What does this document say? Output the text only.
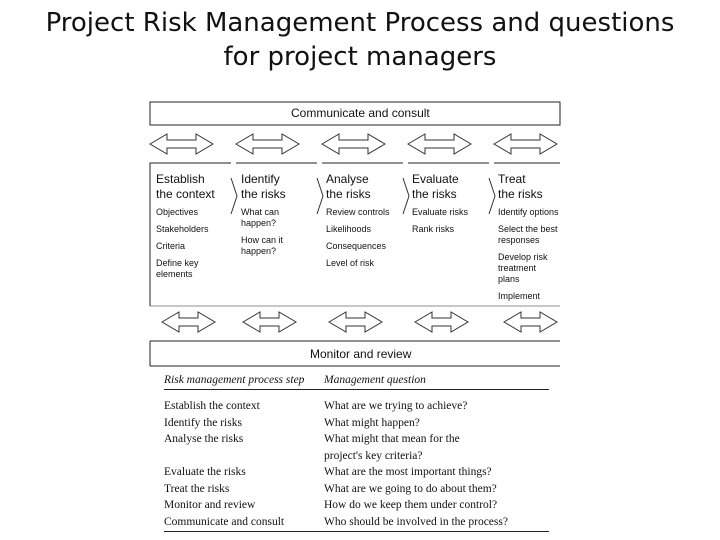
Project Risk Management Process and questions
for project managers
Communicate and consult
Monitor and review
Establish
the context
Objectives
Stakeholders
Criteria
Define key
elements
Identify
the risks
What can
happen?
How can it
happen?
Analyse
the risks
Review controls
Likelihoods
Consequences
Level of risk
Evaluate
the risks
Evaluate risks
Rank risks
Treat
the risks
Identify options
Select the best
responses
Develop risk
treatment plans
Implement
Risk management process step	Management question
Establish the context	What are we trying to achieve?
Identify the risks	What might happen?
Analyse the risks	What might that mean for the
project's key criteria?
Evaluate the risks	What are the most important things?
Treat the risks	What are we going to do about them?
Monitor and review	How do we keep them under control?
Communicate and consult	Who should be involved in the process?
